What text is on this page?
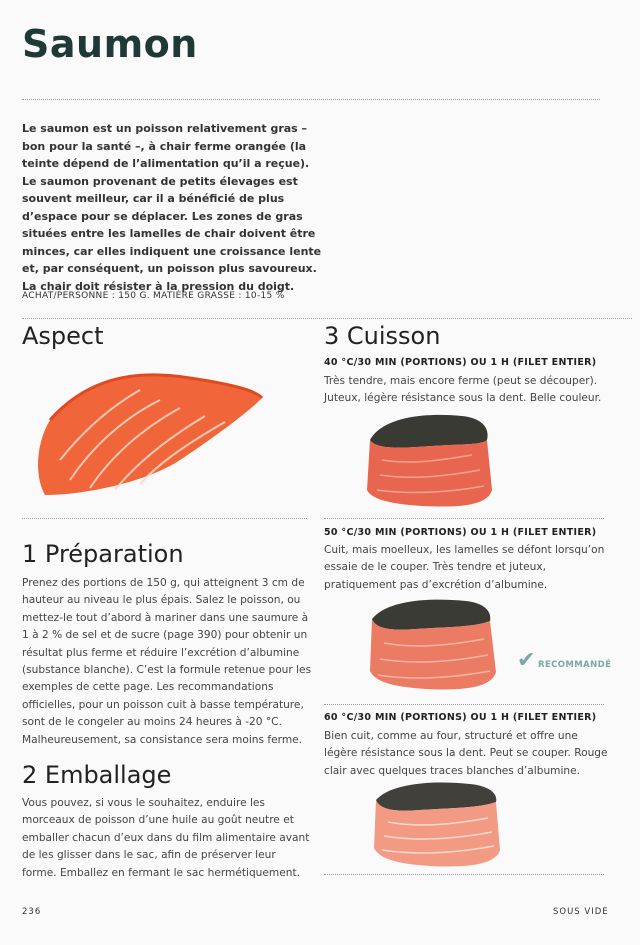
Saumon
Le saumon est un poisson relativement gras – bon pour la santé –, à chair ferme orangée (la teinte dépend de l’alimentation qu’il a reçue). Le saumon provenant de petits élevages est souvent meilleur, car il a bénéficié de plus d’espace pour se déplacer. Les zones de gras situées entre les lamelles de chair doivent être minces, car elles indiquent une croissance lente et, par conséquent, un poisson plus savoureux. La chair doit résister à la pression du doigt.
ACHAT/PERSONNE : 150 G. MATIÈRE GRASSE : 10-15 %
Aspect
1 Préparation
Prenez des portions de 150 g, qui atteignent 3 cm de hauteur au niveau le plus épais. Salez le poisson, ou mettez-le tout d’abord à mariner dans une saumure à 1 à 2 % de sel et de sucre (page 390) pour obtenir un résultat plus ferme et réduire l’excrétion d’albumine (substance blanche). C’est la formule retenue pour les exemples de cette page. Les recommandations officielles, pour un poisson cuit à basse température, sont de le congeler au moins 24 heures à -20 °C. Malheureusement, sa consistance sera moins ferme.
2 Emballage
Vous pouvez, si vous le souhaitez, enduire les morceaux de poisson d’une huile au goût neutre et emballer chacun d’eux dans du film alimentaire avant de les glisser dans le sac, afin de préserver leur forme. Emballez en fermant le sac hermétiquement.
3 Cuisson
40 °C/30 MIN (PORTIONS) OU 1 H (FILET ENTIER)
Très tendre, mais encore ferme (peut se découper). Juteux, légère résistance sous la dent. Belle couleur.
50 °C/30 MIN (PORTIONS) OU 1 H (FILET ENTIER)
Cuit, mais moelleux, les lamelles se défont lorsqu’on essaie de le couper. Très tendre et juteux, pratiquement pas d’excrétion d’albumine.
✔ RECOMMANDÉ
60 °C/30 MIN (PORTIONS) OU 1 H (FILET ENTIER)
Bien cuit, comme au four, structuré et offre une légère résistance sous la dent. Peut se couper. Rouge clair avec quelques traces blanches d’albumine.
236	SOUS VIDE
